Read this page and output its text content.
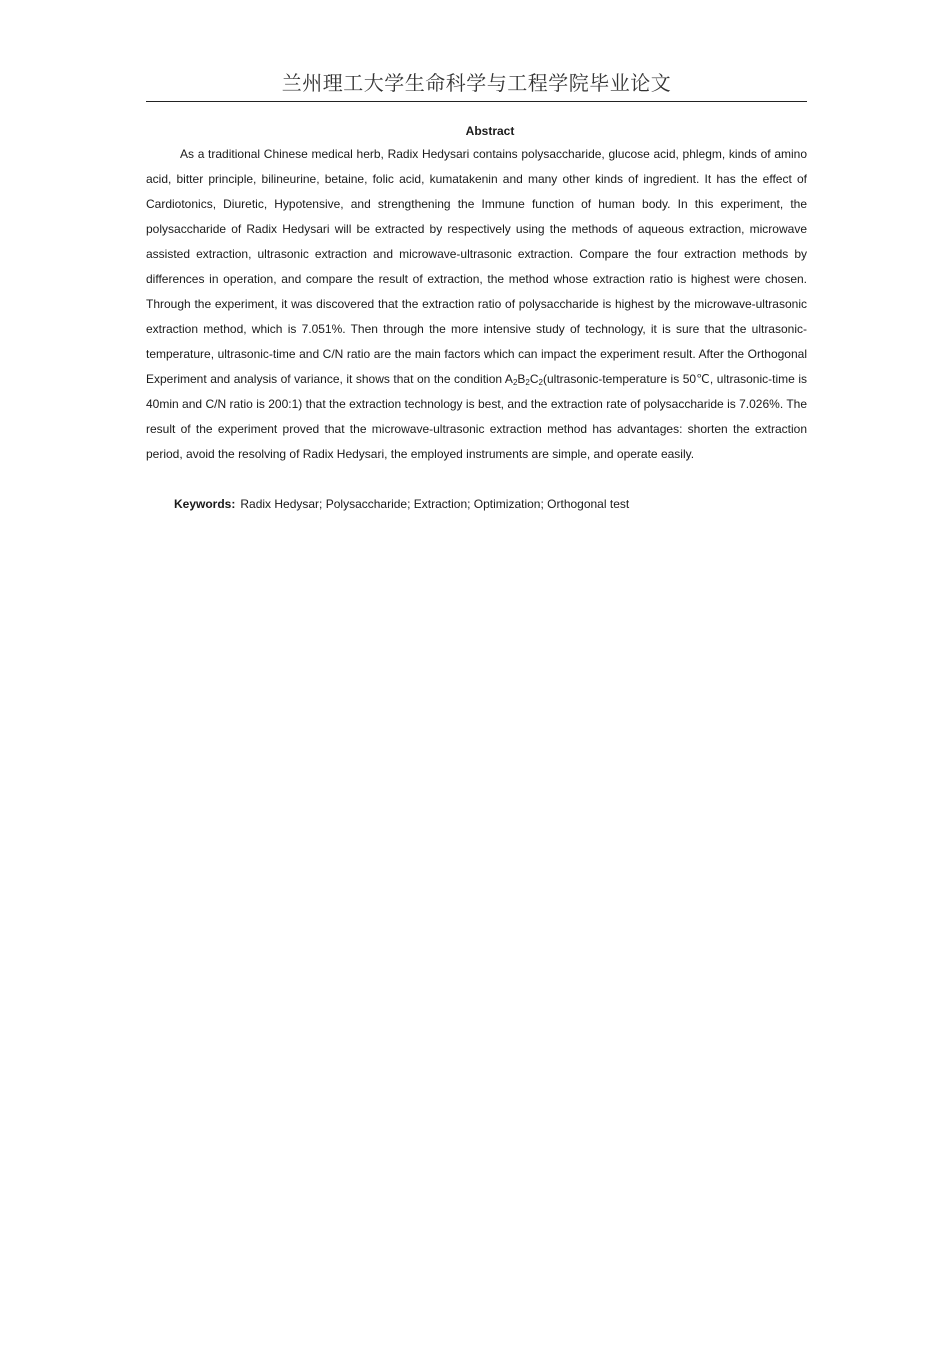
兰州理工大学生命科学与工程学院毕业论文
Abstract

As a traditional Chinese medical herb, Radix Hedysari contains polysaccharide, glucose acid, phlegm, kinds of amino acid, bitter principle, bilineurine, betaine, folic acid, kumatakenin and many other kinds of ingredient. It has the effect of Cardiotonics, Diuretic, Hypotensive, and strengthening the Immune function of human body. In this experiment, the polysaccharide of Radix Hedysari will be extracted by respectively using the methods of aqueous extraction, microwave assisted extraction, ultrasonic extraction and microwave-ultrasonic extraction. Compare the four extraction methods by differences in operation, and compare the result of extraction, the method whose extraction ratio is highest were chosen. Through the experiment, it was discovered that the extraction ratio of polysaccharide is highest by the microwave-ultrasonic extraction method, which is 7.051%. Then through the more intensive study of technology, it is sure that the ultrasonic-temperature, ultrasonic-time and C/N ratio are the main factors which can impact the experiment result. After the Orthogonal Experiment and analysis of variance, it shows that on the condition $A_2B_2C_2(ultrasonic$-temperature is 50℃, ultrasonic-time is 40min and C/N ratio is 200:1) that the extraction technology is best, and the extraction rate of polysaccharide is 7.026%. The result of the experiment proved that the microwave-ultrasonic extraction method has advantages: shorten the extraction period, avoid the resolving of Radix Hedysari, the employed instruments are simple, and operate easily.

Keywords: Radix Hedysar; Polysaccharide; Extraction; Optimization; Orthogonal test
